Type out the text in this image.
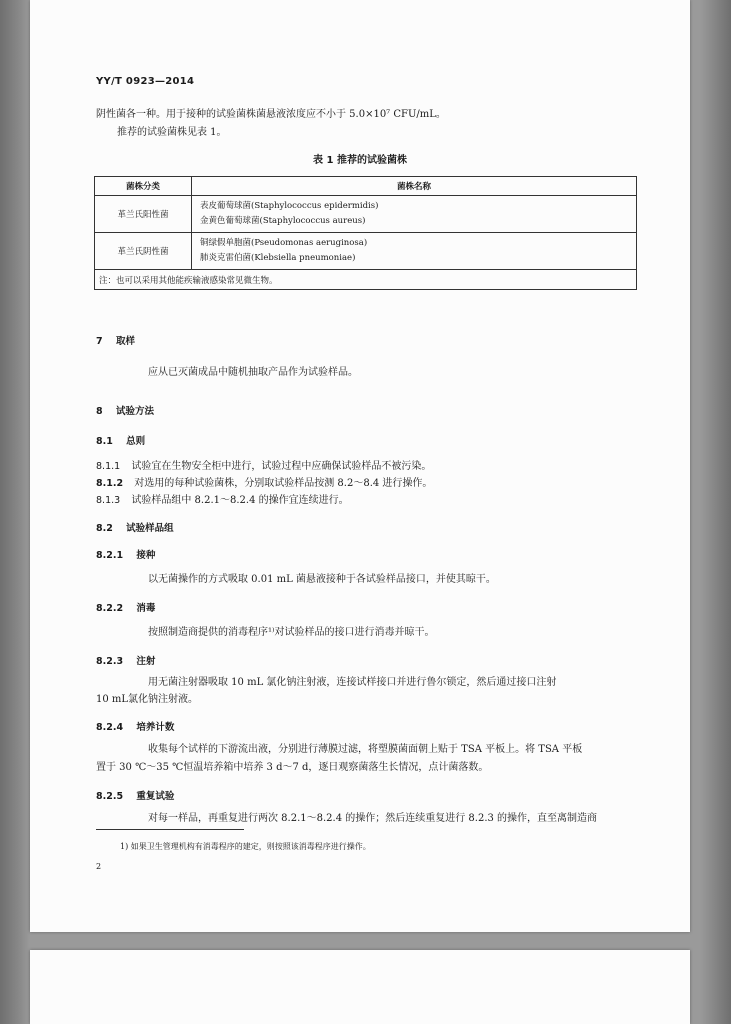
YY/T 0923—2014
阴性菌各一种。用于接种的试验菌株菌悬液浓度应不小于 5.0×10⁷ CFU/mL。
推荐的试验菌株见表 1。
表 1 推荐的试验菌株
菌株分类	菌株名称
革兰氏阳性菌	表皮葡萄球菌(Staphylococcus epidermidis)
金黄色葡萄球菌(Staphylococcus aureus)

革兰氏阴性菌	铜绿假单胞菌(Pseudomonas aeruginosa)
肺炎克雷伯菌(Klebsiella pneumoniae)

注：也可以采用其他能疾输液感染常见微生物。	
7 取样
应从已灭菌成品中随机抽取产品作为试验样品。
8 试验方法
8.1 总则
8.1.1 试验宜在生物安全柜中进行，试验过程中应确保试验样品不被污染。
8.1.2 对选用的每种试验菌株，分别取试验样品按测 8.2～8.4 进行操作。
8.1.3 试验样品组中 8.2.1～8.2.4 的操作宜连续进行。
8.2 试验样品组
8.2.1 接种
以无菌操作的方式吸取 0.01 mL 菌悬液接种于各试验样品接口，并使其晾干。
8.2.2 消毒
按照制造商提供的消毒程序¹⁾对试验样品的接口进行消毒并晾干。
8.2.3 注射
用无菌注射器吸取 10 mL 氯化钠注射液，连接试样接口并进行鲁尔锁定，然后通过接口注射
10 mL氯化钠注射液。
8.2.4 培养计数
收集每个试样的下游流出液，分别进行薄膜过滤，将塑膜菌面朝上贴于 TSA 平板上。将 TSA 平板
置于 30 ℃～35 ℃恒温培养箱中培养 3 d～7 d，逐日观察菌落生长情况，点计菌落数。
8.2.5 重复试验
对每一样品，再重复进行两次 8.2.1～8.2.4 的操作；然后连续重复进行 8.2.3 的操作，直至离制造商
1) 如果卫生管理机构有消毒程序的建定，则按照该消毒程序进行操作。
2
